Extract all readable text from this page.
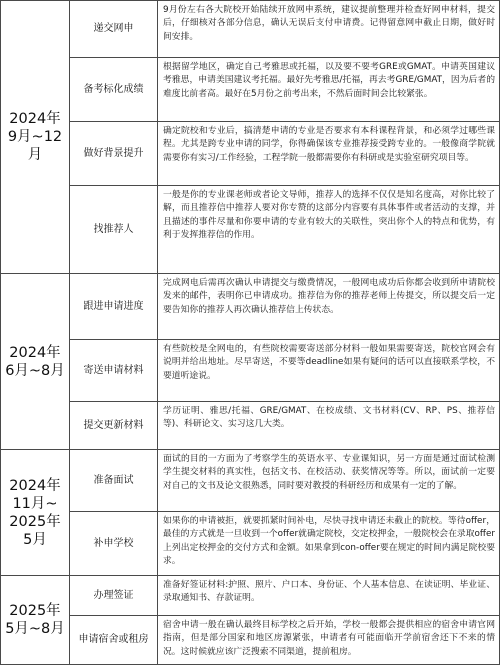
2024年
9月~12月
递交网申

9月份左右各大院校开始陆续开放网申系统，建议提前整理并检查好网申材料，提交后，仔细核对各部分信息，确认无误后支付申请费。记得留意网申截止日期，做好时间安排。

备考标化成绩

根据留学地区，确定自己考雅思或托福，以及要不要考GRE或GMAT。申请英国建议考雅思，申请美国建议考托福。最好先考雅思/托福，再去考GRE/GMAT，因为后者的难度比前者高。最好在5月份之前考出来，不然后面时间会比较紧张。

做好背景提升

确定院校和专业后，搞清楚申请的专业是否要求有本科课程背景，和必须学过哪些课程。尤其是跨专业申请的同学，你得确保该专业推荐接受跨专业的。一般像商学院就需要你有实习/工作经验，工程学院一般都需要你有科研或是实验室研究项目等。

找推荐人

一般是你的专业课老师或者论文导师，推荐人的选择不仅仅是知名度高，对你比较了解，而且推荐信中推荐人要对你专赞的这部分内容要有具体事件或者活动的支撑，并且描述的事件尽量和你要申请的专业有较大的关联性，突出你个人的特点和优势，有利于发挥推荐信的作用。

2024年
6月~8月
跟进申请进度

完成网电后需再次确认申请提交与缴费情况，一般网电成功后你都会收到所申请院校发来的邮件，表明你已申请成功。推荐信为你的推荐老师上传提交，所以提交后一定要告知你的推荐人再次确认推荐信上传状态。

寄送申请材料

有些院校是全网电的，有些院校需要寄送部分材料一般如果需要寄送，院校官网会有说明并给出地址。尽早寄送，不要等deadline如果有疑问的话可以直接联系学校，不要道听途说。

提交更新材料

学历证明、雅思/托福、GRE/GMAT、在校成绩、文书材料(CV、RP、PS、推荐信等)、科研论文、实习这几大类。

2024年
11月~
2025年
5月
准备面试

面试的目的一方面为了考察学生的英语水平、专业课知识，另一方面是通过面试检测学生提交材料的真实性，包括文书、在校活动、获奖情况等等。所以，面试前一定要对自己的文书及论文很熟悉，同时要对教授的科研经历和成果有一定的了解。

补申学校

如果你的申请被拒，就要抓紧时间补电，尽快寻找申请还未截止的院校。等待offer，最佳的方式就是一旦收到一个offer就确定院校，交定校押金，一般院校会在录取offer上列出定校押金的交付方式和金额。如果拿到con-offer要在规定的时间内满足院校要求。

2025年
5月~8月
办理签证

准备好签证材料:护照、照片、户口本、身份证、个人基本信息、在读证明、毕业证、录取通知书、存款证明。

申请宿舍或租房

宿舍申请一般在确认最终目标学校之后开始，学校一般都会提供相应的宿舍申请官网指南，但是部分国家和地区房源紧张，申请者有可能面临开学前宿舍还下不来的情况。这时候就应该广泛搜索不同渠道，提前租房。
